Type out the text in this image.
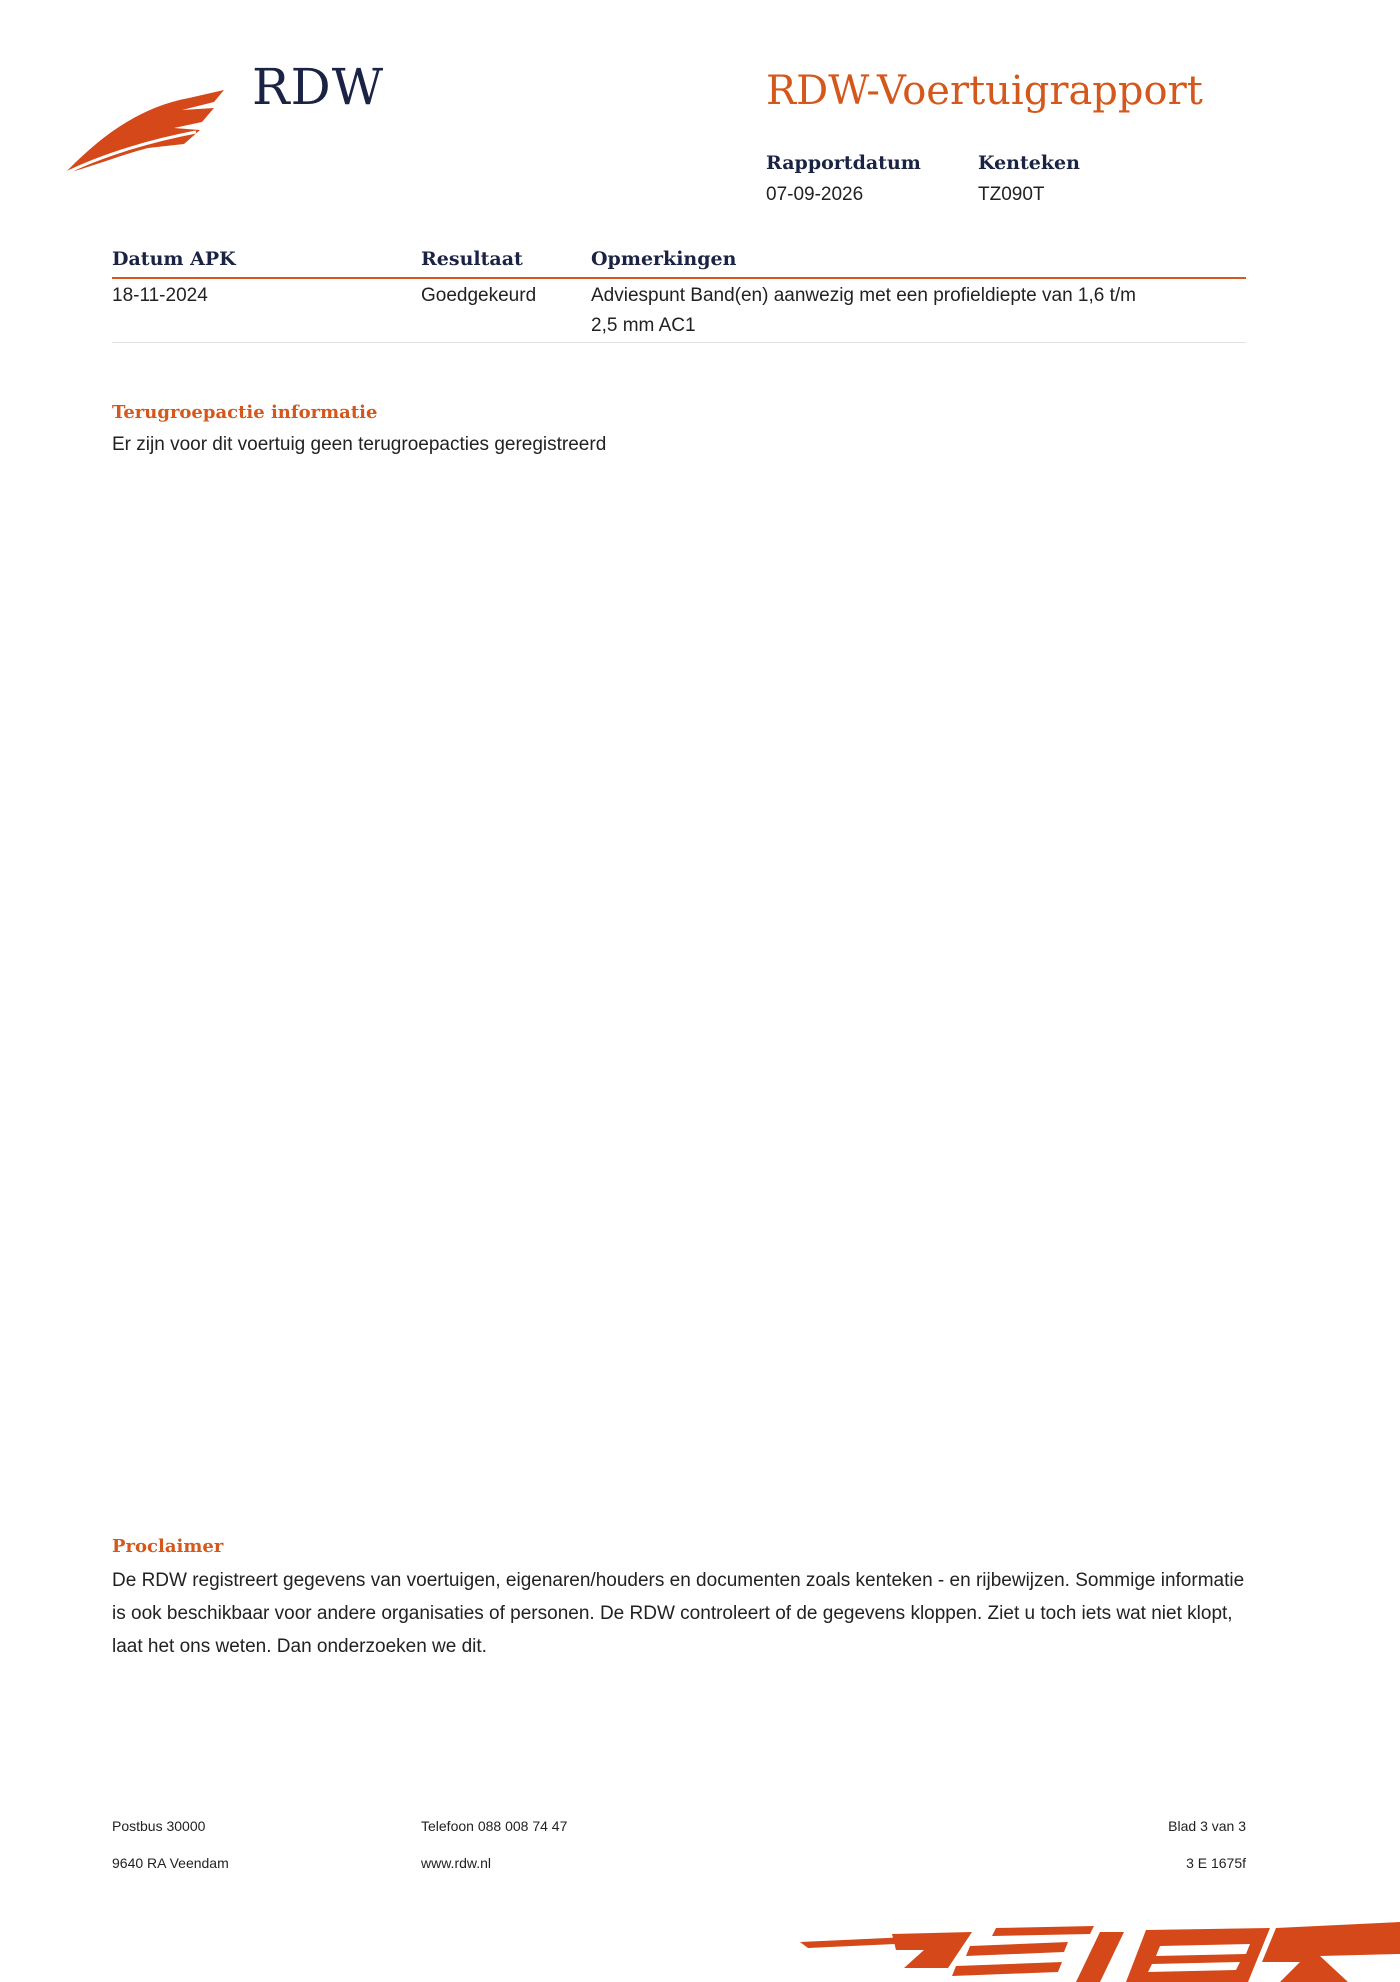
RDW	RDW-Voertuigrapport
Rapportdatum
07-09-2026
Kenteken
TZ090T
Datum APK	Resultaat	Opmerkingen
18-11-2024	Goedgekeurd	Adviespunt Band(en) aanwezig met een profieldiepte van 1,6 t/m
2,5 mm AC1
Terugroepactie informatie
Er zijn voor dit voertuig geen terugroepacties geregistreerd
Proclaimer
De RDW registreert gegevens van voertuigen, eigenaren/houders en documenten zoals kenteken - en rijbewijzen. Sommige informatie is ook beschikbaar voor andere organisaties of personen. De RDW controleert of de gegevens kloppen. Ziet u toch iets wat niet klopt, laat het ons weten. Dan onderzoeken we dit.
Postbus 30000
9640 RA Veendam
Telefoon 088 008 74 47
www.rdw.nl
Blad 3 van 3
3 E 1675f
